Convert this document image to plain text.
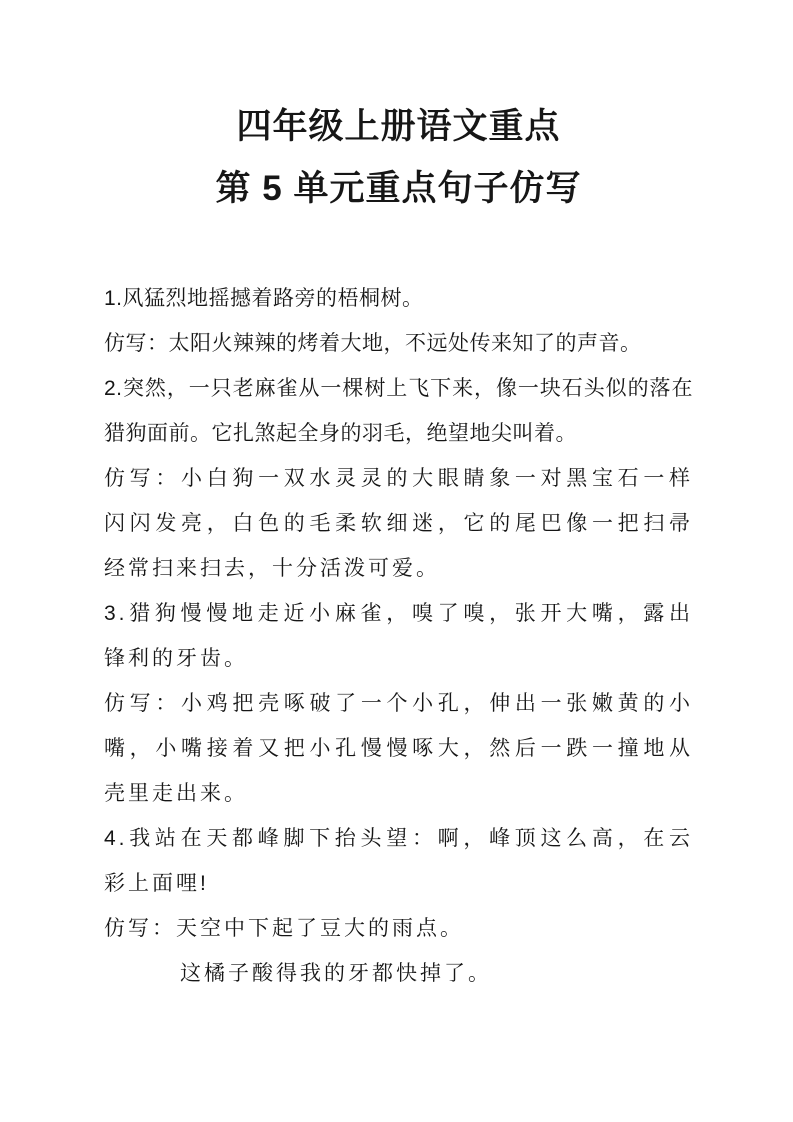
四年级上册语文重点
第 5 单元重点句子仿写
1.风猛烈地摇撼着路旁的梧桐树。
仿写：太阳火辣辣的烤着大地，不远处传来知了的声音。
2.突然，一只老麻雀从一棵树上飞下来，像一块石头似的落在
猎狗面前。它扎煞起全身的羽毛，绝望地尖叫着。
仿写：小白狗一双水灵灵的大眼睛象一对黑宝石一样
闪闪发亮，白色的毛柔软细迷，它的尾巴像一把扫帚
经常扫来扫去，十分活泼可爱。
3.猎狗慢慢地走近小麻雀，嗅了嗅，张开大嘴，露出
锋利的牙齿。
仿写：小鸡把壳啄破了一个小孔，伸出一张嫩黄的小
嘴，小嘴接着又把小孔慢慢啄大，然后一跌一撞地从
壳里走出来。
4.我站在天都峰脚下抬头望：啊，峰顶这么高，在云
彩上面哩!
仿写：天空中下起了豆大的雨点。
这橘子酸得我的牙都快掉了。
